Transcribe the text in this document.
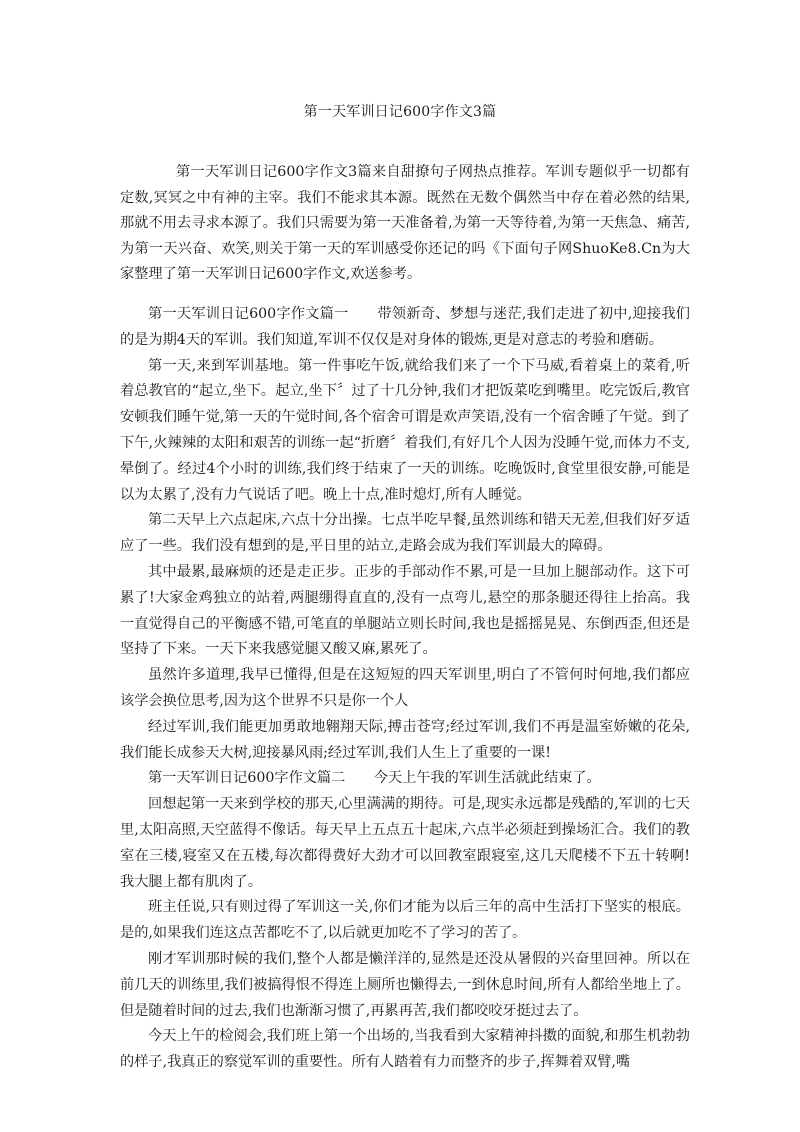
第一天军训日记600字作文3篇

第一天军训日记600字作文3篇来自甜撩句子网热点推荐。军训专题似乎一切都有定数,冥冥之中有神的主宰。我们不能求其本源。既然在无数个偶然当中存在着必然的结果,那就不用去寻求本源了。我们只需要为第一天准备着,为第一天等待着,为第一天焦急、痛苦,为第一天兴奋、欢笑,则关于第一天的军训感受你还记的吗《下面句子网ShuoKe8.Cn为大家整理了第一天军训日记600字作文,欢送参考。

第一天军训日记600字作文篇一　　带领新奇、梦想与迷茫,我们走进了初中,迎接我们的是为期4天的军训。我们知道,军训不仅仅是对身体的锻炼,更是对意志的考验和磨砺。

第一天,来到军训基地。第一件事吃午饭,就给我们来了一个下马威,看着桌上的菜肴,听着总教官的“起立,坐下。起立,坐下〞过了十几分钟,我们才把饭菜吃到嘴里。吃完饭后,教官安顿我们睡午觉,第一天的午觉时间,各个宿舍可谓是欢声笑语,没有一个宿舍睡了午觉。到了下午,火辣辣的太阳和艰苦的训练一起“折磨〞着我们,有好几个人因为没睡午觉,而体力不支,晕倒了。经过4个小时的训练,我们终于结束了一天的训练。吃晚饭时,食堂里很安静,可能是以为太累了,没有力气说话了吧。晚上十点,准时熄灯,所有人睡觉。

第二天早上六点起床,六点十分出操。七点半吃早餐,虽然训练和错天无差,但我们好歹适应了一些。我们没有想到的是,平日里的站立,走路会成为我们军训最大的障碍。

其中最累,最麻烦的还是走正步。正步的手部动作不累,可是一旦加上腿部动作。这下可累了!大家金鸡独立的站着,两腿绷得直直的,没有一点弯儿,悬空的那条腿还得往上抬高。我一直觉得自己的平衡感不错,可笔直的单腿站立则长时间,我也是摇摇晃晃、东倒西歪,但还是坚持了下来。一天下来我感觉腿又酸又麻,累死了。

虽然许多道理,我早已懂得,但是在这短短的四天军训里,明白了不管何时何地,我们都应该学会换位思考,因为这个世界不只是你一个人

经过军训,我们能更加勇敢地翱翔天际,搏击苍穹;经过军训,我们不再是温室娇嫩的花朵,我们能长成参天大树,迎接暴风雨;经过军训,我们人生上了重要的一课!

第一天军训日记600字作文篇二　　今天上午我的军训生活就此结束了。

回想起第一天来到学校的那天,心里满满的期待。可是,现实永远都是残酷的,军训的七天里,太阳高照,天空蓝得不像话。每天早上五点五十起床,六点半必须赶到操场汇合。我们的教室在三楼,寝室又在五楼,每次都得费好大劲才可以回教室跟寝室,这几天爬楼不下五十转啊!我大腿上都有肌肉了。

班主任说,只有则过得了军训这一关,你们才能为以后三年的高中生活打下坚实的根底。是的,如果我们连这点苦都吃不了,以后就更加吃不了学习的苦了。

刚才军训那时候的我们,整个人都是懒洋洋的,显然是还没从暑假的兴奋里回神。所以在前几天的训练里,我们被搞得恨不得连上厕所也懒得去,一到休息时间,所有人都给坐地上了。但是随着时间的过去,我们也渐渐习惯了,再累再苦,我们都咬咬牙挺过去了。

今天上午的检阅会,我们班上第一个出场的,当我看到大家精神抖擞的面貌,和那生机勃勃的样子,我真正的察觉军训的重要性。所有人踏着有力而整齐的步子,挥舞着双臂,嘴
